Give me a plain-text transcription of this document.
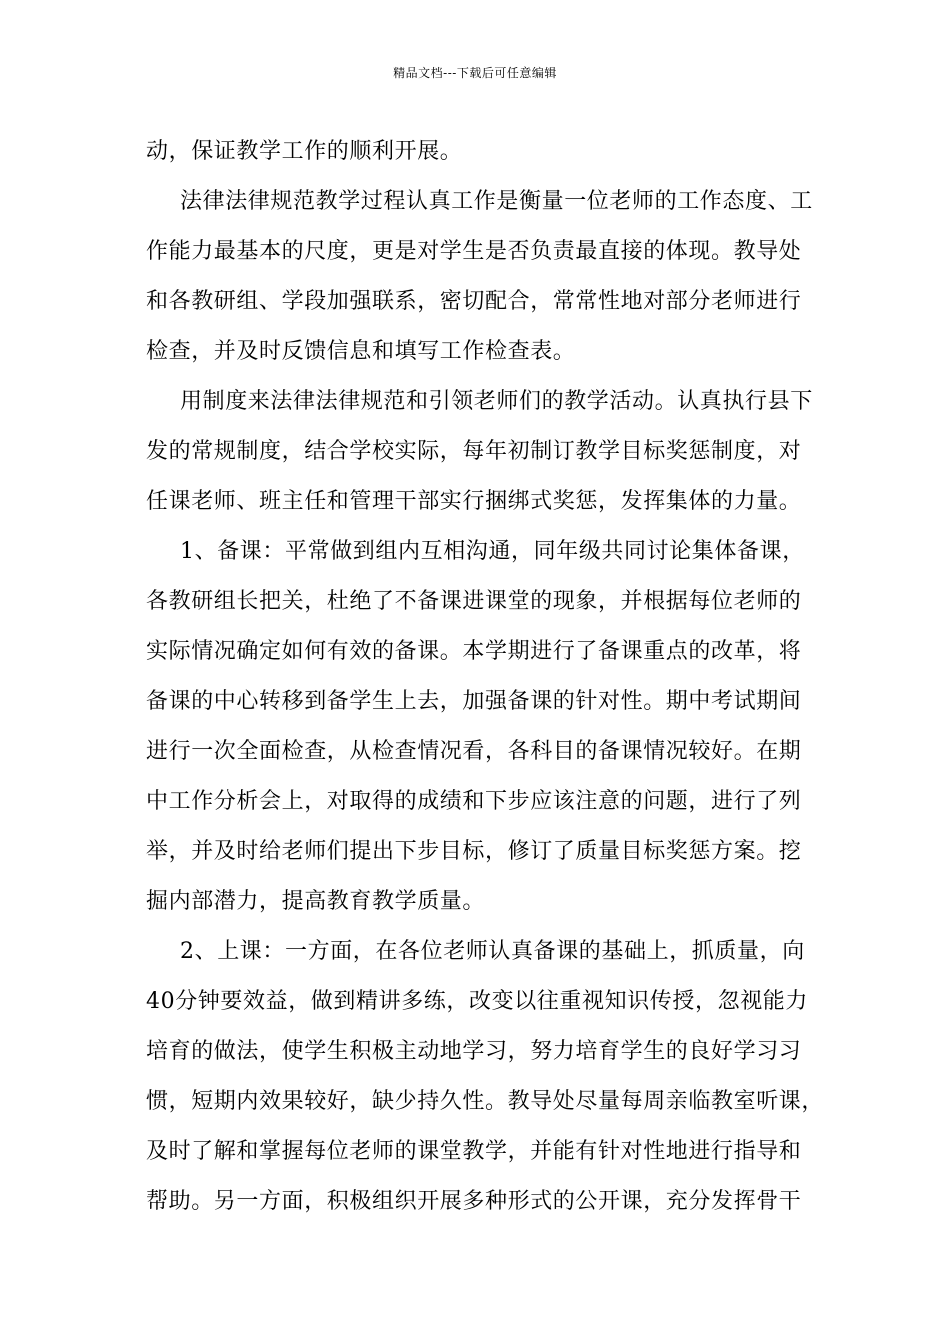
精品文档---下载后可任意编辑
动，保证教学工作的顺利开展。
法律法律规范教学过程认真工作是衡量一位老师的工作态度、工
作能力最基本的尺度，更是对学生是否负责最直接的体现。教导处
和各教研组、学段加强联系，密切配合，常常性地对部分老师进行
检查，并及时反馈信息和填写工作检查表。
用制度来法律法律规范和引领老师们的教学活动。认真执行县下
发的常规制度，结合学校实际，每年初制订教学目标奖惩制度，对
任课老师、班主任和管理干部实行捆绑式奖惩，发挥集体的力量。
1、备课：平常做到组内互相沟通，同年级共同讨论集体备课，
各教研组长把关，杜绝了不备课进课堂的现象，并根据每位老师的
实际情况确定如何有效的备课。本学期进行了备课重点的改革，将
备课的中心转移到备学生上去，加强备课的针对性。期中考试期间
进行一次全面检查，从检查情况看，各科目的备课情况较好。在期
中工作分析会上，对取得的成绩和下步应该注意的问题，进行了列
举，并及时给老师们提出下步目标，修订了质量目标奖惩方案。挖
掘内部潜力，提高教育教学质量。
2、上课：一方面，在各位老师认真备课的基础上，抓质量，向
40分钟要效益，做到精讲多练，改变以往重视知识传授，忽视能力
培育的做法，使学生积极主动地学习，努力培育学生的良好学习习
惯，短期内效果较好，缺少持久性。教导处尽量每周亲临教室听课，
及时了解和掌握每位老师的课堂教学，并能有针对性地进行指导和
帮助。另一方面，积极组织开展多种形式的公开课，充分发挥骨干
